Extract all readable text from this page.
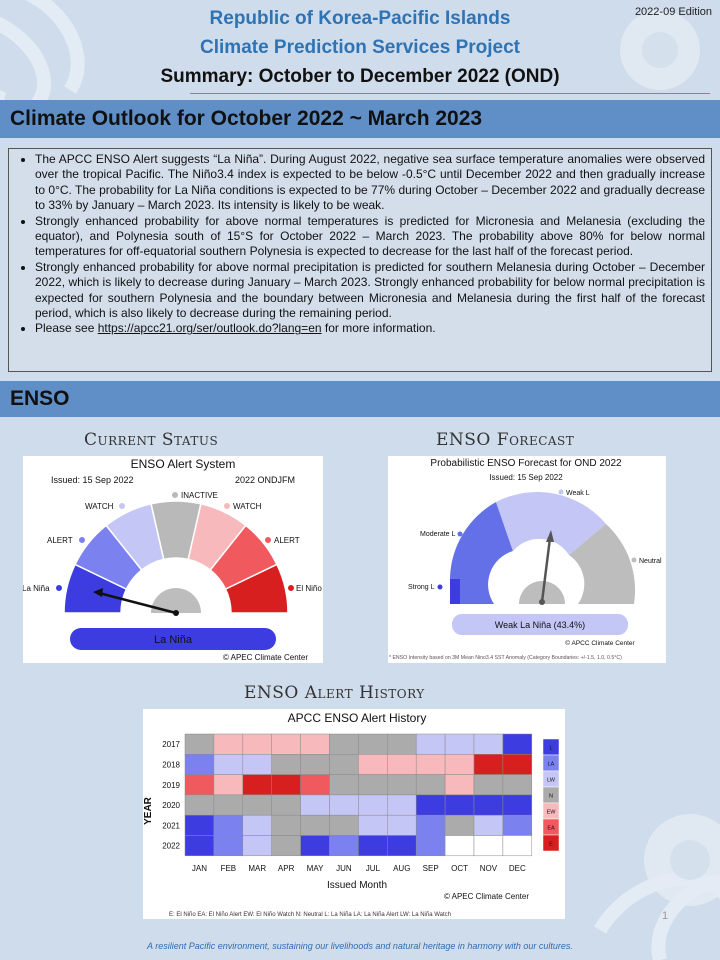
Republic of Korea-Pacific Islands
Climate Prediction Services Project
Summary: October to December 2022 (OND)
2022-09 Edition
Climate Outlook for October 2022 ~ March 2023
• The APCC ENSO Alert suggests “La Niña”. During August 2022, negative sea surface temperature anomalies were observed over the tropical Pacific. The Niño3.4 index is expected to be below -0.5°C until December 2022 and then gradually increase to 0°C. The probability for La Niña conditions is expected to be 77% during October – December 2022 and gradually decrease to 33% by January – March 2023. Its intensity is likely to be weak.
• Strongly enhanced probability for above normal temperatures is predicted for Micronesia and Melanesia (excluding the equator), and Polynesia south of 15°S for October 2022 – March 2023. The probability above 80% for below normal temperatures for off-equatorial southern Polynesia is expected to decrease for the last half of the forecast period.
• Strongly enhanced probability for above normal precipitation is predicted for southern Melanesia during October – December 2022, which is likely to decrease during January – March 2023. Strongly enhanced probability for below normal precipitation is expected for southern Polynesia and the boundary between Micronesia and Melanesia during the first half of the forecast period, which is also likely to decrease during the remaining period.
• Please see https://apcc21.org/ser/outlook.do?lang=en for more information.
ENSO
Current Status	ENSO Forecast
ENSO Alert System
Issued: 15 Sep 2022	2022 ONDJFM
La Niña
ALERT
WATCH
INACTIVE
WATCH
ALERT
El Niño
La Niña
© APEC Climate Center
Probabilistic ENSO Forecast for OND 2022
Issued: 15 Sep 2022
Weak L
Moderate L
Strong L
Neutral
Weak La Niña (43.4%)
© APCC Climate Center
* ENSO Intensity based on 3M Mean Nino3.4 SST Anomaly (Category Boundaries: +/-1.5, 1.0, 0.5°C)
ENSO Alert History
APCC ENSO Alert History
YEAR
Issued Month
© APEC Climate Center
E: El Niño EA: El Niño Alert EW: El Niño Watch N: Neutral L: La Niña LA: La Niña Alert LW: La Niña Watch
2017
2018
2019
2020
2021
2022
JAN FEB MAR APR MAY JUN JUL AUG SEP OCT NOV DEC
L
LA
LW
N
EW
EA
E
1
A resilient Pacific environment, sustaining our livelihoods and natural heritage in harmony with our cultures.
